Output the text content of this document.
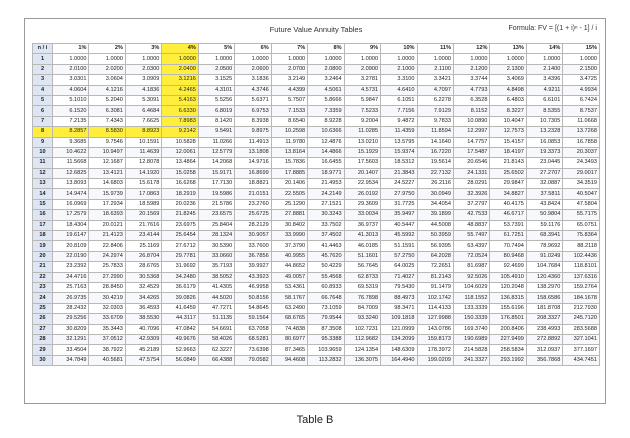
Future Value Annuity Tables	Formula: FV = [(1 + i)ⁿ - 1] / i
n / i	1%	2%	3%	4%	5%	6%	7%	8%	9%	10%	11%	12%	13%	14%	15%
1	1.0000	1.0000	1.0000	1.0000	1.0000	1.0000	1.0000	1.0000	1.0000	1.0000	1.0000	1.0000	1.0000	1.0000	1.0000
2	2.0100	2.0200	2.0300	2.0400	2.0500	2.0600	2.0700	2.0800	2.0900	2.1000	2.1100	2.1200	2.1300	2.1400	2.1500
3	3.0301	3.0604	3.0909	3.1216	3.1525	3.1836	3.2149	3.2464	3.2781	3.3100	3.3421	3.3744	3.4069	3.4396	3.4725
4	4.0604	4.1216	4.1836	4.2465	4.3101	4.3746	4.4399	4.5061	4.5731	4.6410	4.7097	4.7793	4.8498	4.9211	4.9934
5	5.1010	5.2040	5.3091	5.4163	5.5256	5.6371	5.7507	5.8666	5.9847	6.1051	6.2278	6.3528	6.4803	6.6101	6.7424
6	6.1520	6.3081	6.4684	6.6330	6.8019	6.9753	7.1533	7.3359	7.5233	7.7156	7.9129	8.1152	8.3227	8.5355	8.7537
7	7.2135	7.4343	7.6625	7.8983	8.1420	8.3938	8.6540	8.9228	9.2004	9.4872	9.7833	10.0890	10.4047	10.7305	11.0668
8	8.2857	8.5830	8.8923	9.2142	9.5491	9.8975	10.2598	10.6366	11.0285	11.4359	11.8594	12.2997	12.7573	13.2328	13.7268
9	9.3685	9.7546	10.1591	10.5828	11.0266	11.4913	11.9780	12.4876	13.0210	13.5795	14.1640	14.7757	15.4157	16.0853	16.7858
10	10.4622	10.9497	11.4639	12.0061	12.5779	13.1808	13.8164	14.4866	15.1929	15.9374	16.7220	17.5487	18.4197	19.3373	20.3037
11	11.5668	12.1687	12.8078	13.4864	14.2068	14.9716	15.7836	16.6455	17.5603	18.5312	19.5614	20.6546	21.8143	23.0445	24.3493
12	12.6825	13.4121	14.1920	15.0258	15.9171	16.8699	17.8885	18.9771	20.1407	21.3843	22.7132	24.1331	25.6502	27.2707	29.0017
13	13.8093	14.6803	15.6178	16.6268	17.7130	18.8821	20.1406	21.4953	22.9534	24.5227	26.2116	28.0291	29.9847	32.0887	34.3519
14	14.9474	15.9739	17.0863	18.2919	19.5986	21.0151	22.5505	24.2149	26.0192	27.9750	30.0949	32.3926	34.8827	37.5811	40.5047
15	16.0969	17.2934	18.5989	20.0236	21.5786	23.2760	25.1290	27.1521	29.3609	31.7725	34.4054	37.2797	40.4175	43.8424	47.5804
16	17.2579	18.6393	20.1569	21.8245	23.6575	25.6725	27.8881	30.3243	33.0034	35.9497	39.1899	42.7533	46.6717	50.9804	55.7175
17	18.4304	20.0121	21.7616	23.6975	25.8404	28.2129	30.8402	33.7502	36.9737	40.5447	44.5008	48.8837	53.7391	59.1176	65.0751
18	19.6147	21.4123	23.4144	25.6454	28.1324	30.9057	33.9990	37.4502	41.3013	45.5992	50.3959	55.7497	61.7251	68.3941	75.8364
19	20.8109	22.8406	25.1169	27.6712	30.5390	33.7600	37.3790	41.4463	46.0185	51.1591	56.9395	63.4397	70.7494	78.9692	88.2118
20	22.0190	24.2974	26.8704	29.7781	33.0660	36.7856	40.9955	45.7620	51.1601	57.2750	64.2028	72.0524	80.9468	91.0249	102.4436
21	23.2392	25.7833	28.6765	31.9692	35.7193	39.9927	44.8652	50.4229	56.7645	64.0025	72.2651	81.6987	92.4699	104.7684	118.8101
22	24.4716	27.2990	30.5368	34.2480	38.5052	43.3923	49.0057	55.4568	62.8733	71.4027	81.2143	92.5026	105.4910	120.4360	137.6316
23	25.7163	28.8450	32.4529	36.6179	41.4305	46.9958	53.4361	60.8933	69.5319	79.5430	91.1479	104.6029	120.2048	138.2970	159.2764
24	26.9735	30.4219	34.4265	39.0826	44.5020	50.8156	58.1767	66.7648	76.7898	88.4973	102.1742	118.1552	136.8315	158.6586	184.1678
25	28.2432	32.0303	36.4593	41.6459	47.7271	54.8645	63.2490	73.1059	84.7009	98.3471	114.4133	133.3339	155.6196	181.8708	212.7930
26	29.5256	33.6709	38.5530	44.3117	51.1135	59.1564	68.6765	79.9544	93.3240	109.1818	127.9988	150.3339	176.8501	208.3327	245.7120
27	30.8209	35.3443	40.7096	47.0842	54.6691	63.7058	74.4838	87.3508	102.7231	121.0999	143.0786	169.3740	200.8406	238.4993	283.5688
28	32.1291	37.0512	42.9309	49.9676	58.4026	68.5281	80.6977	95.3388	112.9682	134.2099	159.8173	190.6989	227.9499	272.8892	327.1041
29	33.4504	38.7922	45.2189	52.9663	62.3227	73.6398	87.3465	103.9659	124.1354	148.6309	178.3972	214.5828	258.5834	312.0937	377.1697
30	34.7849	40.5681	47.5754	56.0849	66.4388	79.0582	94.4608	113.2832	136.3075	164.4940	199.0209	241.3327	293.1992	356.7868	434.7451
Table B
